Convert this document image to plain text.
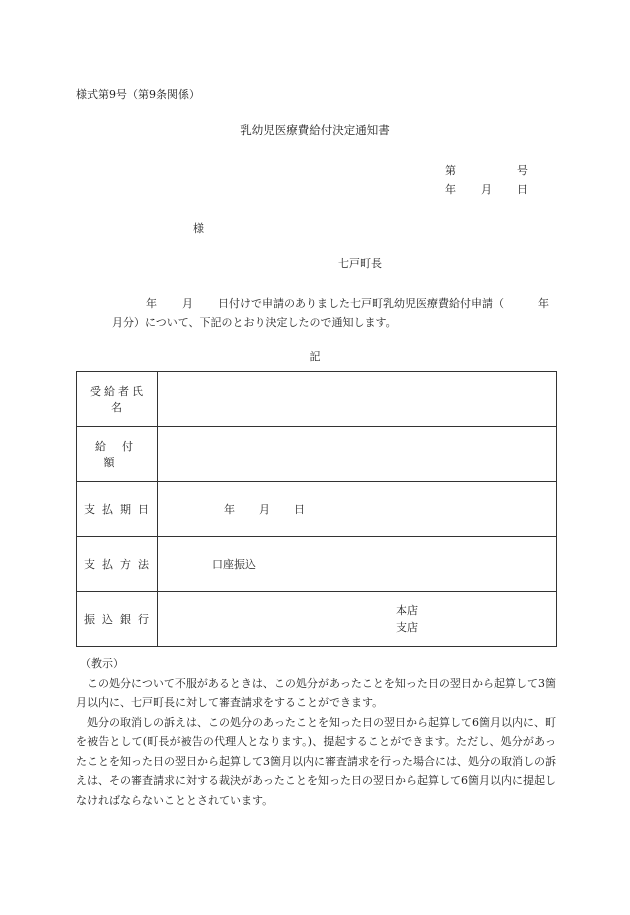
様式第9号（第9条関係）
乳幼児医療費給付決定通知書
第	号
年 月 日
様
七戸町長
年 月 日付けで申請のありました七戸町乳幼児医療費給付申請（	年
月分）について、下記のとおり決定したので通知します。
記
受給者氏名	

給付額	
支払期日	年 月 日

支払方法	口座振込

振込銀行	本店
支店

（教示）

この処分について不服があるときは、この処分があったことを知った日の翌日から起算して3箇月以内に、七戸町長に対して審査請求をすることができます。

処分の取消しの訴えは、この処分のあったことを知った日の翌日から起算して6箇月以内に、町を被告として(町長が被告の代理人となります。)、提起することができます。ただし、処分があったことを知った日の翌日から起算して3箇月以内に審査請求を行った場合には、処分の取消しの訴えは、その審査請求に対する裁決があったことを知った日の翌日から起算して6箇月以内に提起しなければならないこととされています。
